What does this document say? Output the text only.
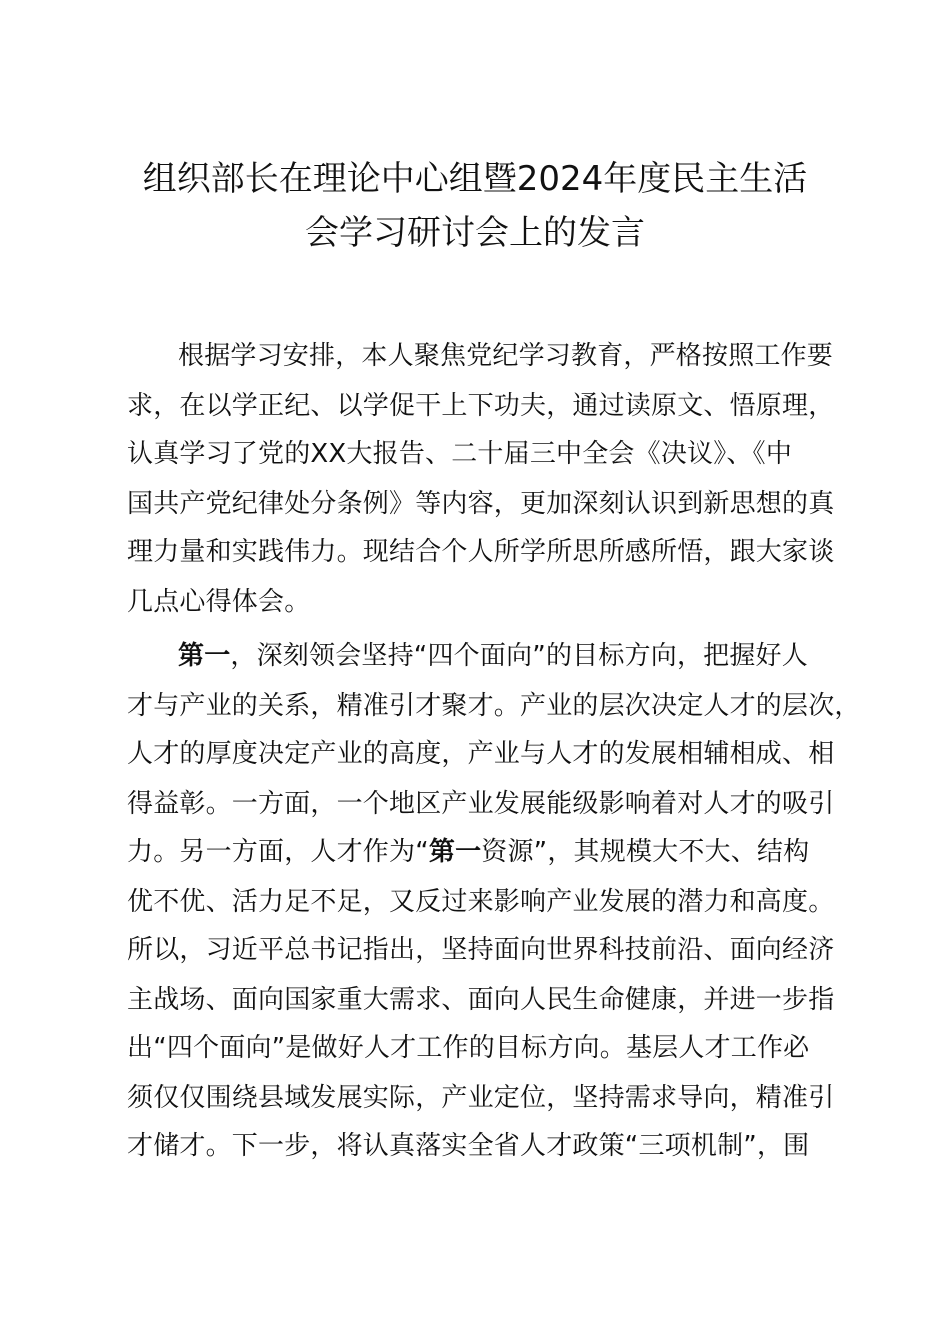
组织部长在理论中心组暨2024年度民主生活
会学习研讨会上的发言
根据学习安排，本人聚焦党纪学习教育，严格按照工作要
求，在以学正纪、以学促干上下功夫，通过读原文、悟原理，
认真学习了党的XX大报告、二十届三中全会《决议》、《中
国共产党纪律处分条例》等内容，更加深刻认识到新思想的真
理力量和实践伟力。现结合个人所学所思所感所悟，跟大家谈
几点心得体会。
第一，深刻领会坚持“四个面向”的目标方向，把握好人
才与产业的关系，精准引才聚才。产业的层次决定人才的层次，
人才的厚度决定产业的高度，产业与人才的发展相辅相成、相
得益彰。一方面，一个地区产业发展能级影响着对人才的吸引
力。另一方面，人才作为“第一资源”，其规模大不大、结构
优不优、活力足不足，又反过来影响产业发展的潜力和高度。
所以，习近平总书记指出，坚持面向世界科技前沿、面向经济
主战场、面向国家重大需求、面向人民生命健康，并进一步指
出“四个面向”是做好人才工作的目标方向。基层人才工作必
须仅仅围绕县域发展实际，产业定位，坚持需求导向，精准引
才储才。下一步，将认真落实全省人才政策“三项机制”，围
